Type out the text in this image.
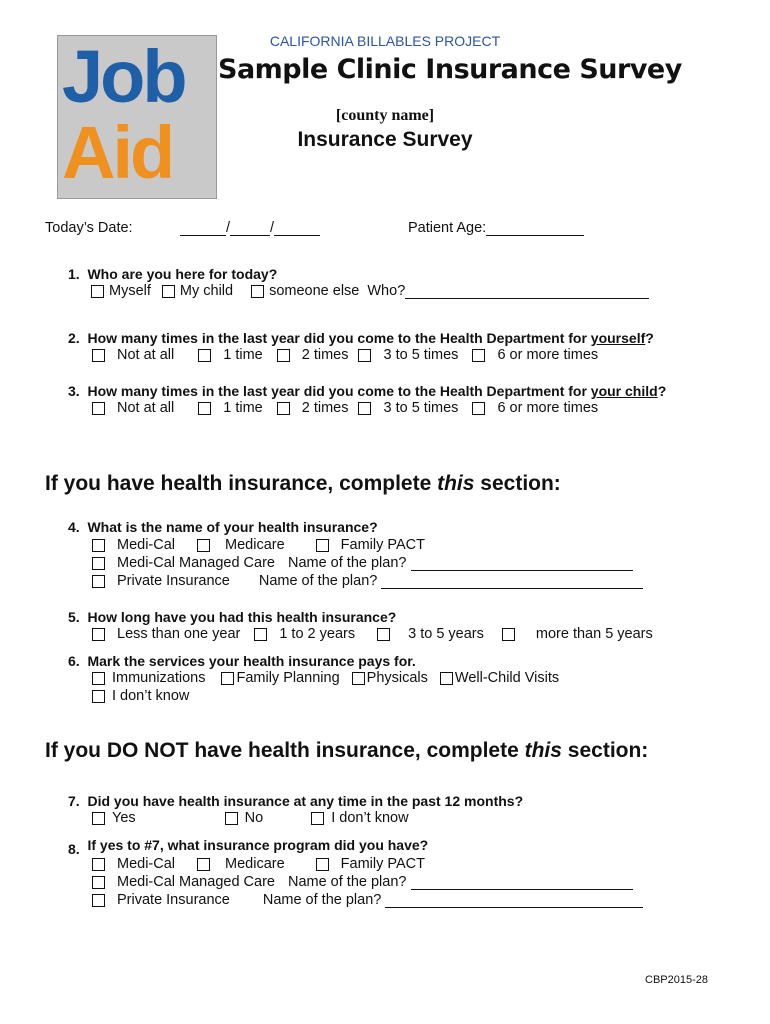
Job
Aid
CALIFORNIA BILLABLES PROJECT
Sample Clinic Insurance Survey
[county name]
Insurance Survey
Today’s Date:	/	/	Patient Age:
1. Who are you here for today?
Myself My child someone else Who?
2. How many times in the last year did you come to the Health Department for yourself?
Not at all	1 time	2 times 3 to 5 times	6 or more times
3. How many times in the last year did you come to the Health Department for your child?
Not at all	1 time	2 times 3 to 5 times	6 or more times
If you have health insurance, complete this section:
4. What is the name of your health insurance?
Medi-Cal	Medicare	Family PACT
Medi-Cal Managed Care Name of the plan?

Private Insurance Name of the plan?

5. How long have you had this health insurance?
Less than one year	1 to 2 years	3 to 5 years	more than 5 years
6. Mark the services your health insurance pays for.
Immunizations Family Planning Physicals Well-Child Visits
I don’t know
If you DO NOT have health insurance, complete this section:
7. Did you have health insurance at any time in the past 12 months?
Yes	No	I don’t know
8. If yes to #7, what insurance program did you have?
Medi-Cal	Medicare	Family PACT
Medi-Cal Managed Care Name of the plan?

Private Insurance Name of the plan?

CBP2015-28
